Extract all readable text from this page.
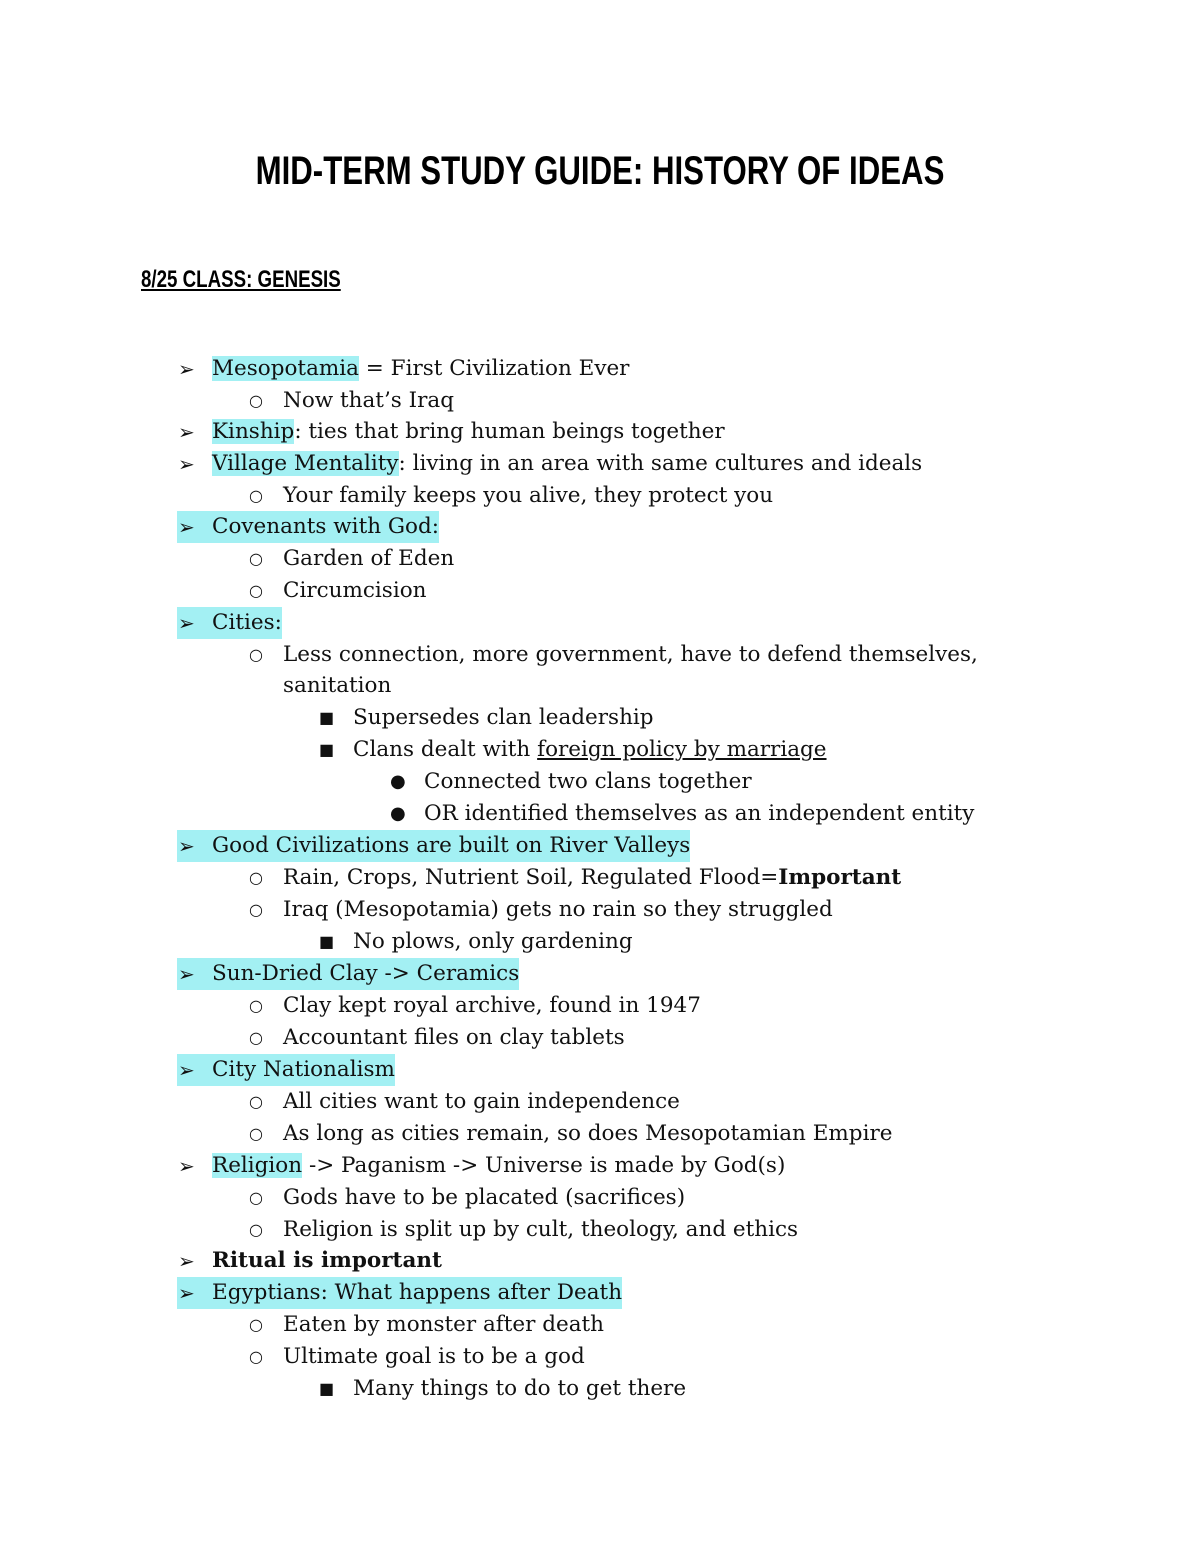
MID-TERM STUDY GUIDE: HISTORY OF IDEAS
8/25 CLASS: GENESIS
➢ Mesopotamia = First Civilization Ever
○ Now that’s Iraq
➢ Kinship: ties that bring human beings together
➢ Village Mentality: living in an area with same cultures and ideals
○ Your family keeps you alive, they protect you
➢ Covenants with God:
○ Garden of Eden
○ Circumcision
➢ Cities:
○ Less connection, more government, have to defend themselves,
sanitation
■ Supersedes clan leadership
■ Clans dealt with foreign policy by marriage
● Connected two clans together
● OR identified themselves as an independent entity
➢ Good Civilizations are built on River Valleys
○ Rain, Crops, Nutrient Soil, Regulated Flood=Important
○ Iraq (Mesopotamia) gets no rain so they struggled
■ No plows, only gardening
➢ Sun-Dried Clay -> Ceramics
○ Clay kept royal archive, found in 1947
○ Accountant files on clay tablets
➢ City Nationalism
○ All cities want to gain independence
○ As long as cities remain, so does Mesopotamian Empire
➢ Religion -> Paganism -> Universe is made by God(s)
○ Gods have to be placated (sacrifices)
○ Religion is split up by cult, theology, and ethics
➢ Ritual is important
➢ Egyptians: What happens after Death
○ Eaten by monster after death
○ Ultimate goal is to be a god
■ Many things to do to get there
